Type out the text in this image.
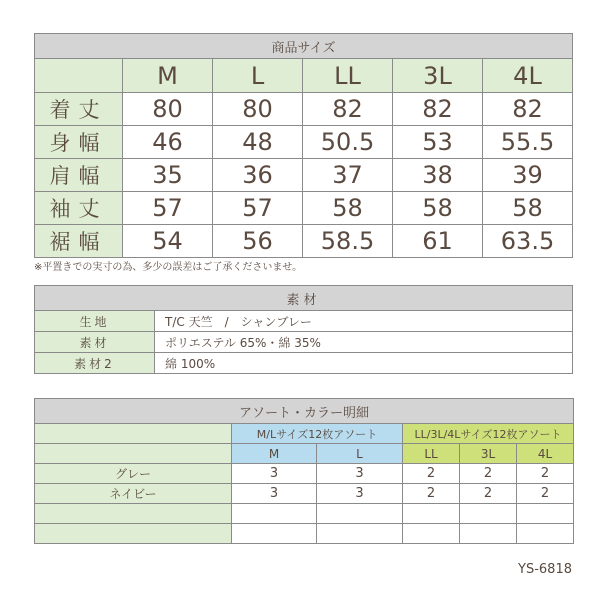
商品サイズ					
	M	L	LL	3L	4L
着丈	80	80	82	82	82
身幅	46	48	50.5	53	55.5
肩幅	35	36	37	38	39
袖丈	57	57	58	58	58
裾幅	54	56	58.5	61	63.5
※平置きでの実寸の為、多少の誤差はご了承くださいませ。
素材	
生地	T/C 天竺　/　シャンブレー
素材	ポリエステル 65%・綿 35%
素材2	綿 100%
アソート・カラー明細					
	M/Lサイズ12枚アソート		LL/3L/4Lサイズ12枚アソート		
	M	L	LL	3L	4L
グレー	3	3	2	2	2
ネイビー	3	3	2	2	2

YS-6818
